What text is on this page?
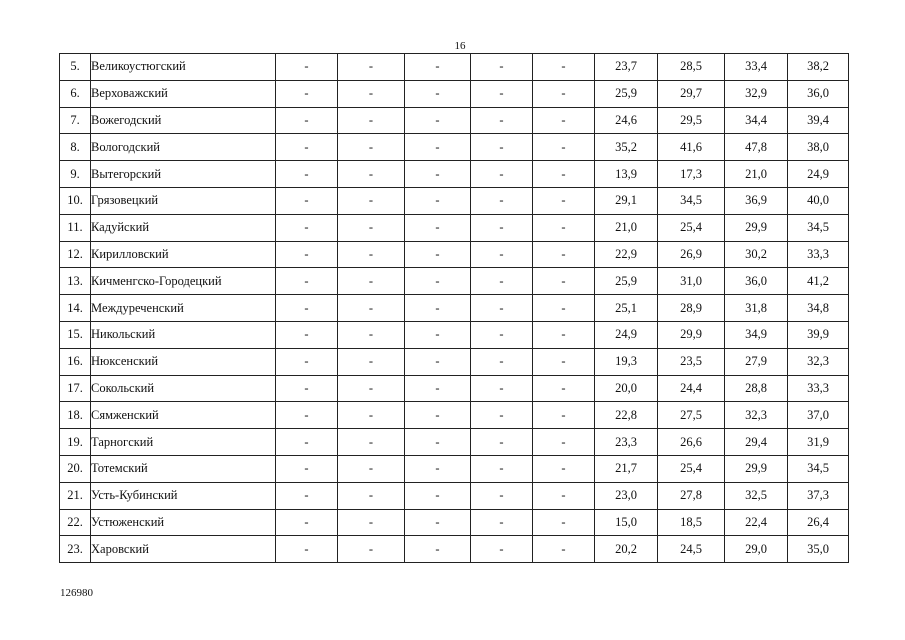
16
5.	Великоустюгский	-	-	-	-	-	23,7	28,5	33,4	38,2
6.	Верховажский	-	-	-	-	-	25,9	29,7	32,9	36,0
7.	Вожегодский	-	-	-	-	-	24,6	29,5	34,4	39,4
8.	Вологодский	-	-	-	-	-	35,2	41,6	47,8	38,0
9.	Вытегорский	-	-	-	-	-	13,9	17,3	21,0	24,9
10.	Грязовецкий	-	-	-	-	-	29,1	34,5	36,9	40,0
11.	Кадуйский	-	-	-	-	-	21,0	25,4	29,9	34,5
12.	Кирилловский	-	-	-	-	-	22,9	26,9	30,2	33,3
13.	Кичменгско-Городецкий	-	-	-	-	-	25,9	31,0	36,0	41,2
14.	Междуреченский	-	-	-	-	-	25,1	28,9	31,8	34,8
15.	Никольский	-	-	-	-	-	24,9	29,9	34,9	39,9
16.	Нюксенский	-	-	-	-	-	19,3	23,5	27,9	32,3
17.	Сокольский	-	-	-	-	-	20,0	24,4	28,8	33,3
18.	Сямженский	-	-	-	-	-	22,8	27,5	32,3	37,0
19.	Тарногский	-	-	-	-	-	23,3	26,6	29,4	31,9
20.	Тотемский	-	-	-	-	-	21,7	25,4	29,9	34,5
21.	Усть-Кубинский	-	-	-	-	-	23,0	27,8	32,5	37,3
22.	Устюженский	-	-	-	-	-	15,0	18,5	22,4	26,4
23.	Харовский	-	-	-	-	-	20,2	24,5	29,0	35,0
126980
